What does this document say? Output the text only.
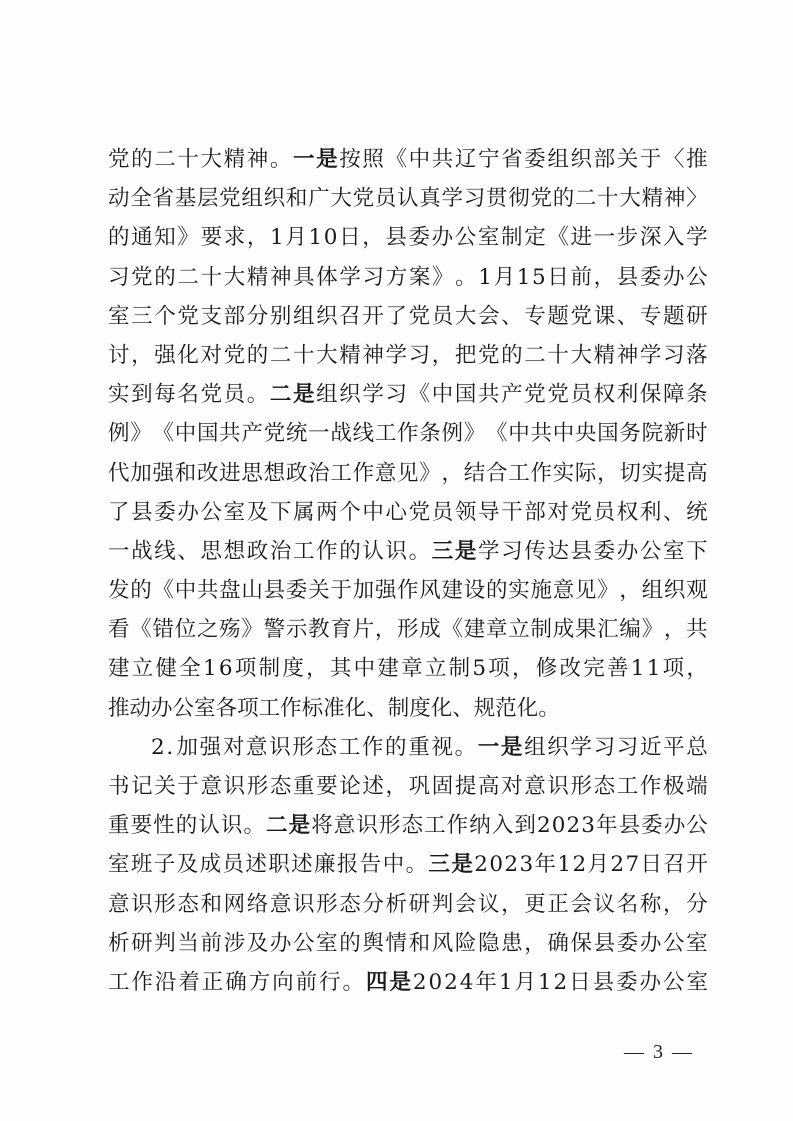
党 的 二 十 大 精 神 。 一 是 按 照 《 中 共 辽 宁 省 委 组 织 部 关 于 〈 推
动 全 省 基 层 党 组 织 和 广 大 党 员 认 真 学 习 贯 彻 党 的 二 十 大 精 神 〉
的 通 知 》 要 求 ， 1 月 1 0 日 ， 县 委 办 公 室 制 定 《 进 一 步 深 入 学
习 党 的 二 十 大 精 神 具 体 学 习 方 案 》 。 1 月 1 5 日 前 ， 县 委 办 公
室 三 个 党 支 部 分 别 组 织 召 开 了 党 员 大 会 、 专 题 党 课 、 专 题 研
讨 ， 强 化 对 党 的 二 十 大 精 神 学 习 ， 把 党 的 二 十 大 精 神 学 习 落
实 到 每 名 党 员 。 二 是 组 织 学 习 《 中 国 共 产 党 党 员 权 利 保 障 条
例 》 《 中 国 共 产 党 统 一 战 线 工 作 条 例 》 《 中 共 中 央 国 务 院 新 时
代 加 强 和 改 进 思 想 政 治 工 作 意 见 》 ， 结 合 工 作 实 际 ， 切 实 提 高
了 县 委 办 公 室 及 下 属 两 个 中 心 党 员 领 导 干 部 对 党 员 权 利 、 统
一 战 线 、 思 想 政 治 工 作 的 认 识 。 三 是 学 习 传 达 县 委 办 公 室 下
发 的 《 中 共 盘 山 县 委 关 于 加 强 作 风 建 设 的 实 施 意 见 》 ， 组 织 观
看 《 错 位 之 殇 》 警 示 教 育 片 ， 形 成 《 建 章 立 制 成 果 汇 编 》 ， 共
建 立 健 全 1 6 项 制 度 ， 其 中 建 章 立 制 5 项 ， 修 改 完 善 1 1 项 ，
推 动 办 公 室 各 项 工 作 标 准 化 、 制 度 化 、 规 范 化 。
2 . 加 强 对 意 识 形 态 工 作 的 重 视 。 一 是 组 织 学 习 习 近 平 总
书 记 关 于 意 识 形 态 重 要 论 述 ， 巩 固 提 高 对 意 识 形 态 工 作 极 端
重 要 性 的 认 识 。 二 是 将 意 识 形 态 工 作 纳 入 到 2 0 2 3 年 县 委 办 公
室 班 子 及 成 员 述 职 述 廉 报 告 中 。 三 是 2 0 2 3 年 1 2 月 2 7 日 召 开
意 识 形 态 和 网 络 意 识 形 态 分 析 研 判 会 议 ， 更 正 会 议 名 称 ， 分
析 研 判 当 前 涉 及 办 公 室 的 舆 情 和 风 险 隐 患 ， 确 保 县 委 办 公 室
工 作 沿 着 正 确 方 向 前 行 。 四 是 2 0 2 4 年 1 月 1 2 日 县 委 办 公 室
— 3 —
